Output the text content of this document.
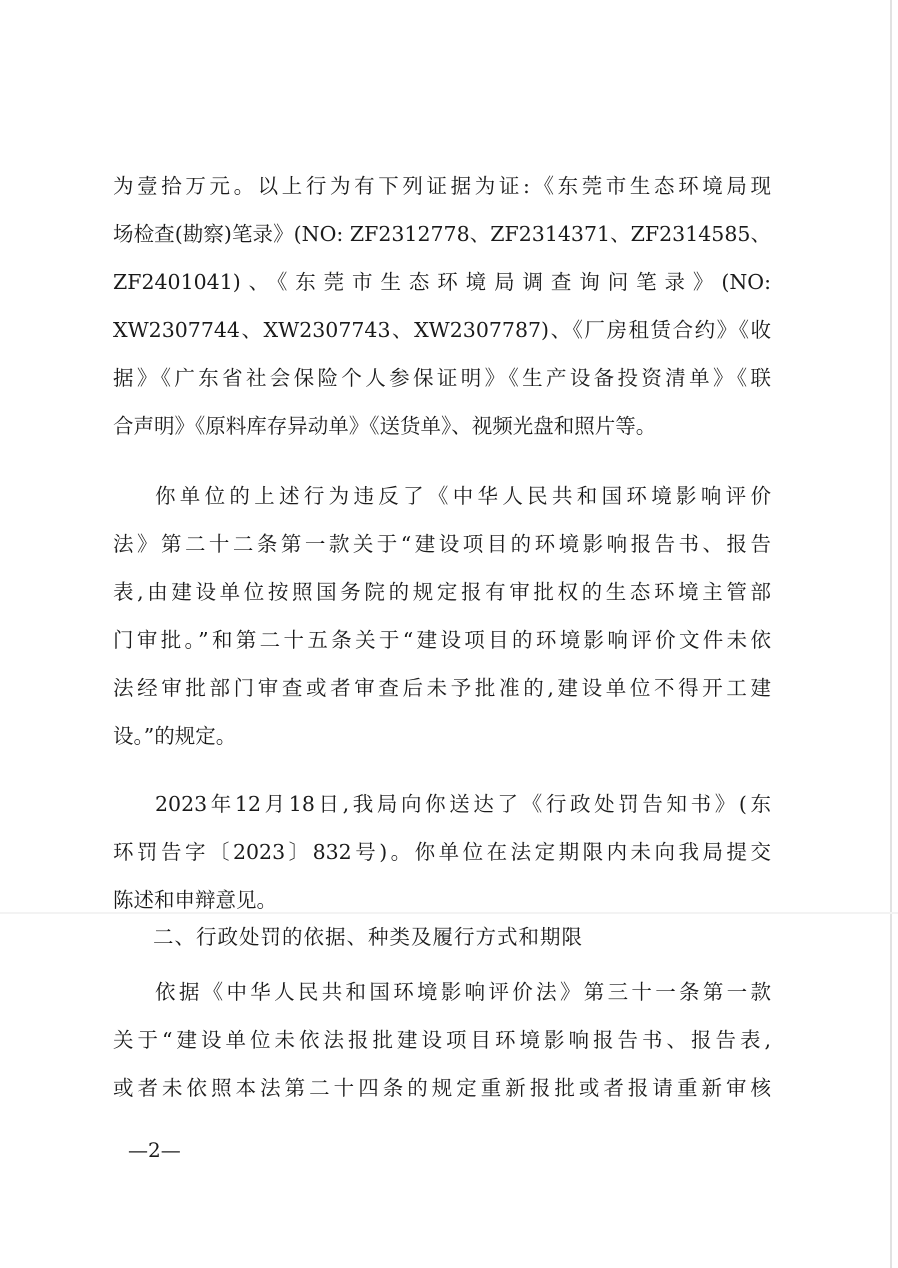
为壹拾万元。以上行为有下列证据为证:《东莞市生态环境局现
场检查(勘察)笔录》(NO: ZF2312778、ZF2314371、ZF2314585、
ZF2401041)、《东莞市生态环境局调查询问笔录》(NO:
XW2307744、XW2307743、XW2307787)、《厂房租赁合约》《收
据》《广东省社会保险个人参保证明》《生产设备投资清单》《联
合声明》《原料库存异动单》《送货单》、视频光盘和照片等。
你单位的上述行为违反了《中华人民共和国环境影响评价
法》第二十二条第一款关于“建设项目的环境影响报告书、报告
表,由建设单位按照国务院的规定报有审批权的生态环境主管部
门审批。”和第二十五条关于“建设项目的环境影响评价文件未依
法经审批部门审查或者审查后未予批准的,建设单位不得开工建
设。”的规定。
2023年12月18日,我局向你送达了《行政处罚告知书》(东
环罚告字〔2023〕832号)。你单位在法定期限内未向我局提交
陈述和申辩意见。
二、行政处罚的依据、种类及履行方式和期限
依据《中华人民共和国环境影响评价法》第三十一条第一款
关于“建设单位未依法报批建设项目环境影响报告书、报告表,
或者未依照本法第二十四条的规定重新报批或者报请重新审核
—2—
